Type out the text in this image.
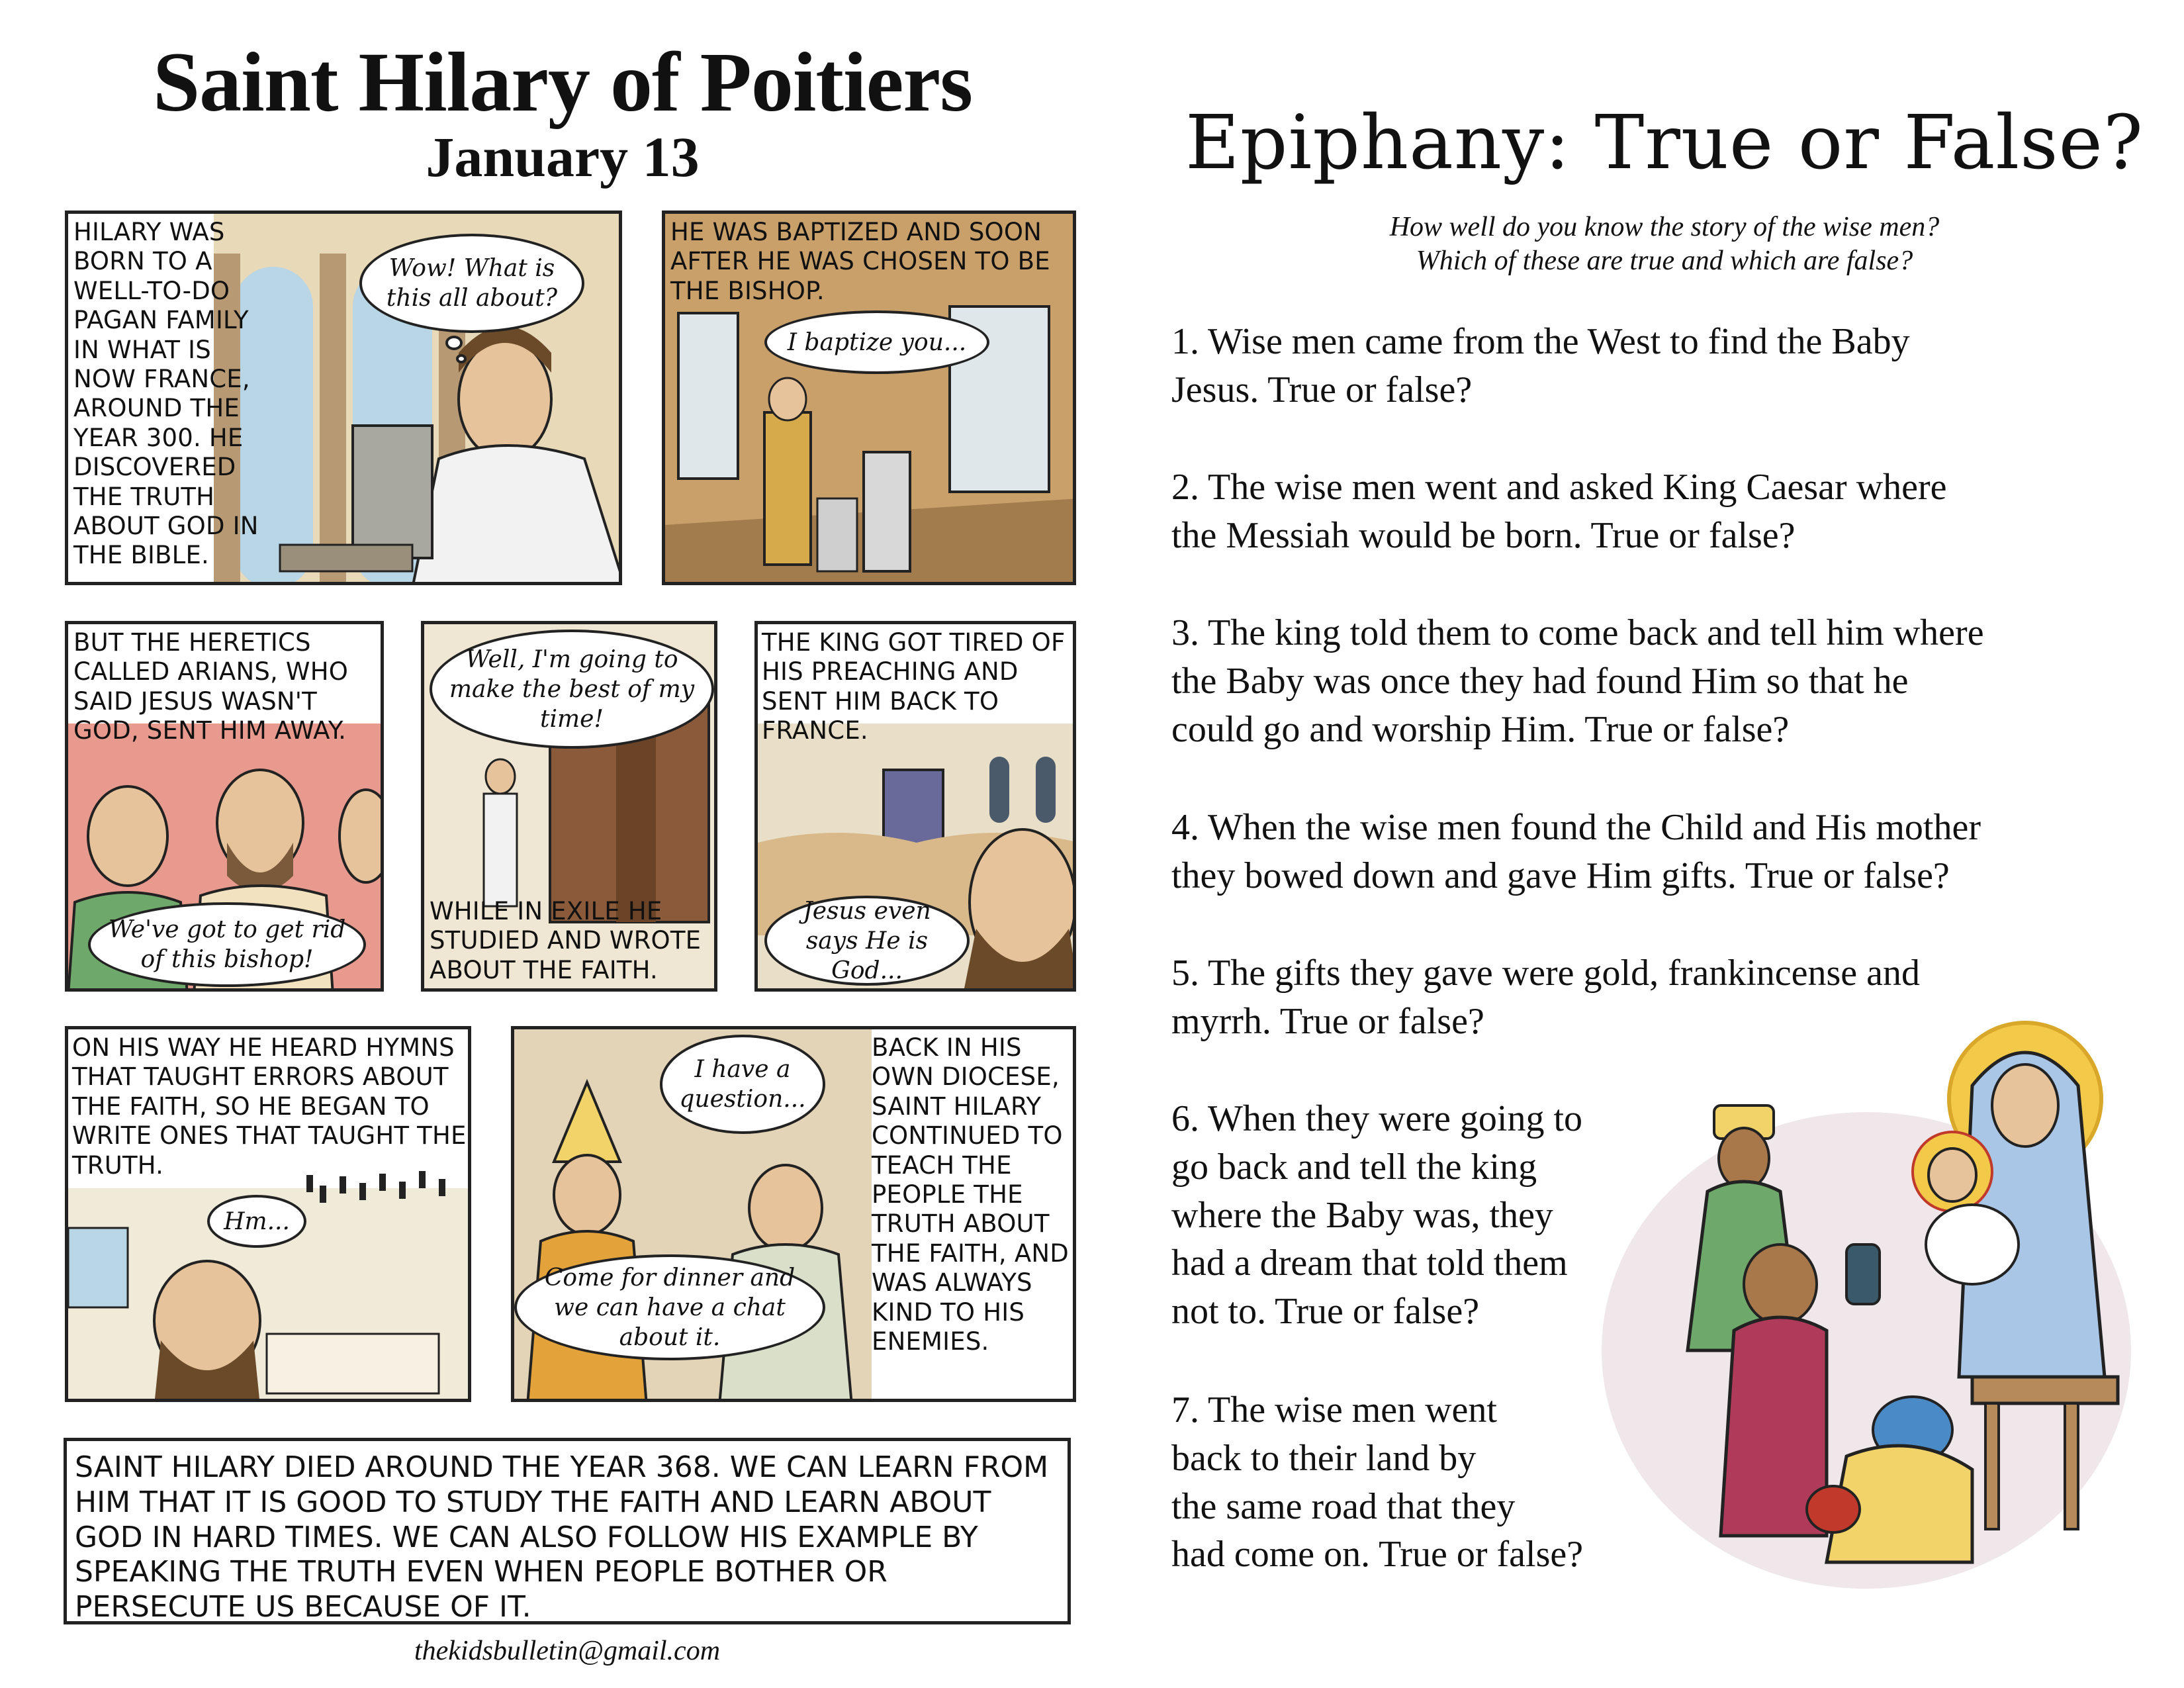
Saint Hilary of Poitiers
January 13
HILARY WAS BORN TO A WELL-TO-DO PAGAN FAMILY IN WHAT IS NOW FRANCE, AROUND THE YEAR 300. HE DISCOVERED THE TRUTH ABOUT GOD IN THE BIBLE.
Wow! What is this all about?
HE WAS BAPTIZED AND SOON AFTER HE WAS CHOSEN TO BE THE BISHOP.
I baptize you...
BUT THE HERETICS CALLED ARIANS, WHO SAID JESUS WASN'T GOD, SENT HIM AWAY.
We've got to get rid of this bishop!
Well, I'm going to make the best of my time!
WHILE IN EXILE HE STUDIED AND WROTE ABOUT THE FAITH.
THE KING GOT TIRED OF HIS PREACHING AND SENT HIM BACK TO FRANCE.
Jesus even says He is God...
ON HIS WAY HE HEARD HYMNS THAT TAUGHT ERRORS ABOUT THE FAITH, SO HE BEGAN TO WRITE ONES THAT TAUGHT THE TRUTH.
Hm...
I have a question...
Come for dinner and we can have a chat about it.
BACK IN HIS OWN DIOCESE, SAINT HILARY CONTINUED TO TEACH THE PEOPLE THE TRUTH ABOUT THE FAITH, AND WAS ALWAYS KIND TO HIS ENEMIES.
SAINT HILARY DIED AROUND THE YEAR 368. WE CAN LEARN FROM HIM THAT IT IS GOOD TO STUDY THE FAITH AND LEARN ABOUT GOD IN HARD TIMES. WE CAN ALSO FOLLOW HIS EXAMPLE BY SPEAKING THE TRUTH EVEN WHEN PEOPLE BOTHER OR PERSECUTE US BECAUSE OF IT.
thekidsbulletin@gmail.com
Epiphany: True or False?
How well do you know the story of the wise men?
Which of these are true and which are false?
1. Wise men came from the West to find the Baby
Jesus. True or false?
2. The wise men went and asked King Caesar where
the Messiah would be born. True or false?
3. The king told them to come back and tell him where
the Baby was once they had found Him so that he
could go and worship Him. True or false?
4. When the wise men found the Child and His mother
they bowed down and gave Him gifts. True or false?
5. The gifts they gave were gold, frankincense and
myrrh. True or false?
6. When they were going to
go back and tell the king
where the Baby was, they
had a dream that told them
not to. True or false?
7. The wise men went
back to their land by
the same road that they
had come on. True or false?
